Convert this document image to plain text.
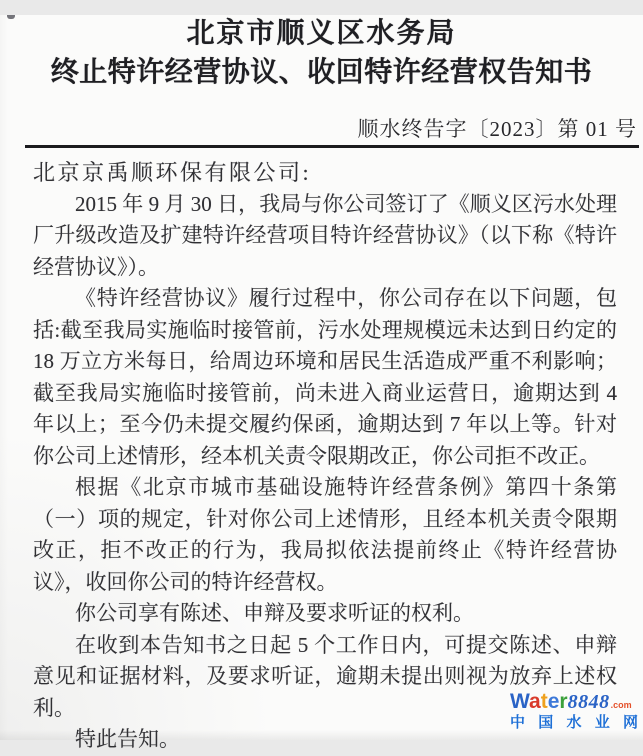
北京市顺义区水务局
终止特许经营协议、收回特许经营权告知书
顺水终告字〔2023〕第 01 号

北京京禹顺环保有限公司:

2015 年 9 月 30 日，我局与你公司签订了《顺义区污水处理厂升级改造及扩建特许经营项目特许经营协议》（以下称《特许经营协议》）。

《特许经营协议》履行过程中，你公司存在以下问题，包括:截至我局实施临时接管前，污水处理规模远未达到日约定的 18 万立方米每日，给周边环境和居民生活造成严重不利影响；截至我局实施临时接管前，尚未进入商业运营日，逾期达到 4 年以上；至今仍未提交履约保函，逾期达到 7 年以上等。针对你公司上述情形，经本机关责令限期改正，你公司拒不改正。

根据《北京市城市基础设施特许经营条例》第四十条第（一）项的规定，针对你公司上述情形，且经本机关责令限期改正，拒不改正的行为，我局拟依法提前终止《特许经营协议》，收回你公司的特许经营权。

你公司享有陈述、申辩及要求听证的权利。

在收到本告知书之日起 5 个工作日内，可提交陈述、申辩意见和证据材料，及要求听证，逾期未提出则视为放弃上述权利。

特此告知。

Water 8848 .com
中 国 水 业 网
